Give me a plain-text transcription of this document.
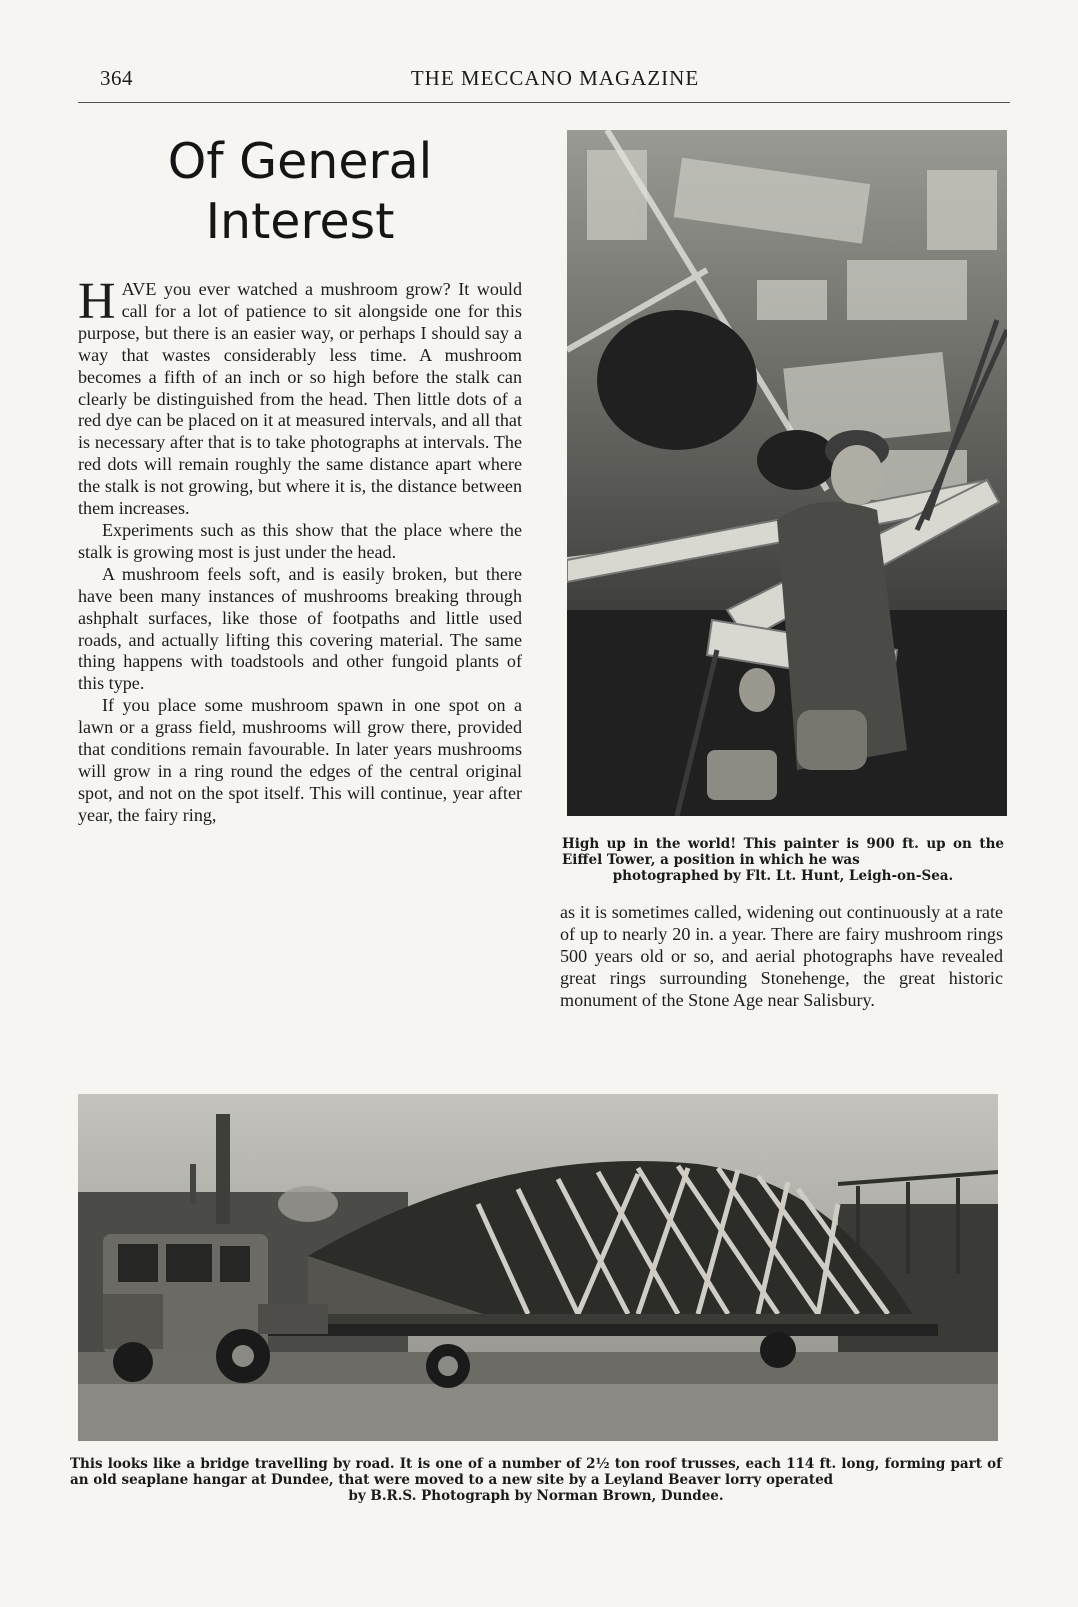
364	THE MECCANO MAGAZINE
Of General
Interest

HAVE you ever watched a mushroom grow? It would call for a lot of patience to sit alongside one for this purpose, but there is an easier way, or perhaps I should say a way that wastes considerably less time. A mushroom becomes a fifth of an inch or so high before the stalk can clearly be distinguished from the head. Then little dots of a red dye can be placed on it at measured intervals, and all that is necessary after that is to take photographs at intervals. The red dots will remain roughly the same distance apart where the stalk is not growing, but where it is, the distance between them increases.

Experiments such as this show that the place where the stalk is growing most is just under the head.

A mushroom feels soft, and is easily broken, but there have been many instances of mushrooms breaking through ashphalt surfaces, like those of footpaths and little used roads, and actually lifting this covering material. The same thing happens with toadstools and other fungoid plants of this type.

If you place some mushroom spawn in one spot on a lawn or a grass field, mushrooms will grow there, provided that conditions remain favourable. In later years mushrooms will grow in a ring round the edges of the central original spot, and not on the spot itself. This will continue, year after year, the fairy ring,

as it is sometimes called, widening out continuously at a rate of up to nearly 20 in. a year. There are fairy mushroom rings 500 years old or so, and aerial photographs have revealed great rings surrounding Stonehenge, the great historic monument of the Stone Age near Salisbury.

High up in the world! This painter is 900 ft. up on the Eiffel Tower, a position in which he was
photographed by Flt. Lt. Hunt, Leigh-on-Sea.
This looks like a bridge travelling by road. It is one of a number of 2½ ton roof trusses, each 114 ft. long, forming part of an old seaplane hangar at Dundee, that were moved to a new site by a Leyland Beaver lorry operated
by B.R.S. Photograph by Norman Brown, Dundee.
